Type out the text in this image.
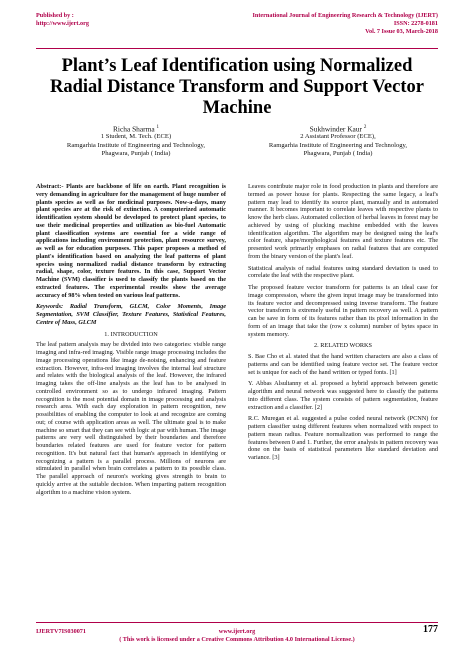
Published by :
http://www.ijert.org
International Journal of Engineering Research & Technology (IJERT)
ISSN: 2278-0181
Vol. 7 Issue 03, March-2018
Plant’s Leaf Identification using Normalized
Radial Distance Transform and Support Vector
Machine
Richa Sharma $^1$
1 Student, M. Tech. (ECE)
Ramgarhia Institute of Engineering and Technology,
Phagwara, Punjab ( India)
Sukhwinder Kaur $^2$
2 Assistant Professor (ECE),
Ramgarhia Institute of Engineering and Technology,
Phagwara, Punjab ( India)

Abstract:- Plants are backbone of life on earth. Plant recognition is very demanding in agriculture for the management of huge number of plants species as well as for medicinal purposes. Now-a-days, many plant species are at the risk of extinction. A computerized automatic identification system should be developed to protect plant species, to use their medicinal properties and utilization as bio-fuel Automatic plant classification systems are essential for a wide range of applications including environment protection, plant resource survey, as well as for education purposes. This paper proposes a method of plant's identification based on analyzing the leaf patterns of plant species using normalized radial distance transform by extracting radial, shape, color, texture features. In this case, Support Vector Machine (SVM) classifier is used to classify the plants based on the extracted features. The experimental results show the average accuracy of 98% when tested on various leaf patterns.

Keywords: Radial Transform, GLCM, Color Moments, Image Segmentation, SVM Classifier, Texture Features, Statistical Features, Centre of Mass, GLCM

1. INTRODUCTION

The leaf pattern analysis may be divided into two categories: visible range imaging and infra-red imaging. Visible range image processing includes the image processing operations like image de-noising, enhancing and feature extraction. However, infra-red imaging involves the internal leaf structure and relates with the biological analysis of the leaf. However, the infrared imaging takes the off-line analysis as the leaf has to be analysed in controlled environment so as to undergo infrared imaging. Pattern recognition is the most potential domain in image processing and analysis research area. With each day exploration in pattern recognition, new possibilities of enabling the computer to look at and recognize are coming out; of course with application areas as well. The ultimate goal is to make machine so smart that they can see with logic at par with human. The image patterns are very well distinguished by their boundaries and therefore boundaries related features are used for feature vector for pattern recognition. It's but natural fact that human's approach in identifying or recognizing a pattern is a parallel process. Millions of neurons are stimulated in parallel when brain correlates a pattern to its possible class. The parallel approach of neuron's working gives strength to brain to quickly arrive at the suitable decision. When imparting pattern recognition algorithm to a machine vision system.

Leaves contribute major role in food production in plants and therefore are termed as power house for plants. Respecting the same legacy, a leaf's pattern may lead to identify its source plant, manually and in automated manner. It becomes important to correlate leaves with respective plants to know the herb class. Automated collection of herbal leaves in forest may be achieved by using of plucking machine embedded with the leaves identification algorithm. The algorithm may be designed using the leaf's color feature, shape/morphological features and texture features etc. The presented work primarily emphases on radial features that are computed from the binary version of the plant's leaf.

Statistical analysis of radial features using standard deviation is used to correlate the leaf with the respective plant.

The proposed feature vector transform for patterns is an ideal case for image compression, where the given input image may be transformed into its feature vector and decompressed using inverse transform. The feature vector transform is extremely useful in pattern recovery as well. A pattern can be save in form of its features rather than its pixel information in the form of an image that take the (row x column) number of bytes space in system memory.

2. RELATED WORKS

S. Bae Cho et al. stated that the hand written characters are also a class of patterns and can be identified using feature vector set. The feature vector set is unique for each of the hand written or typed fonts. [1]

Y. Abbas Alsultanny et al. proposed a hybrid approach between genetic algorithm and neural network was suggested here to classify the patterns into different class. The system consists of pattern segmentation, feature extraction and a classifier. [2]

R.C. Muregan et al. suggested a pulse coded neural network (PCNN) for pattern classifier using different features when normalized with respect to pattern mean radius. Feature normalization was performed to range the features between 0 and 1. Further, the error analysis in pattern recovery was done on the basis of statistical parameters like standard deviation and variance. [3]

IJERTV7IS030071	www.ijert.org
( This work is licensed under a Creative Commons Attribution 4.0 International License.)
177
